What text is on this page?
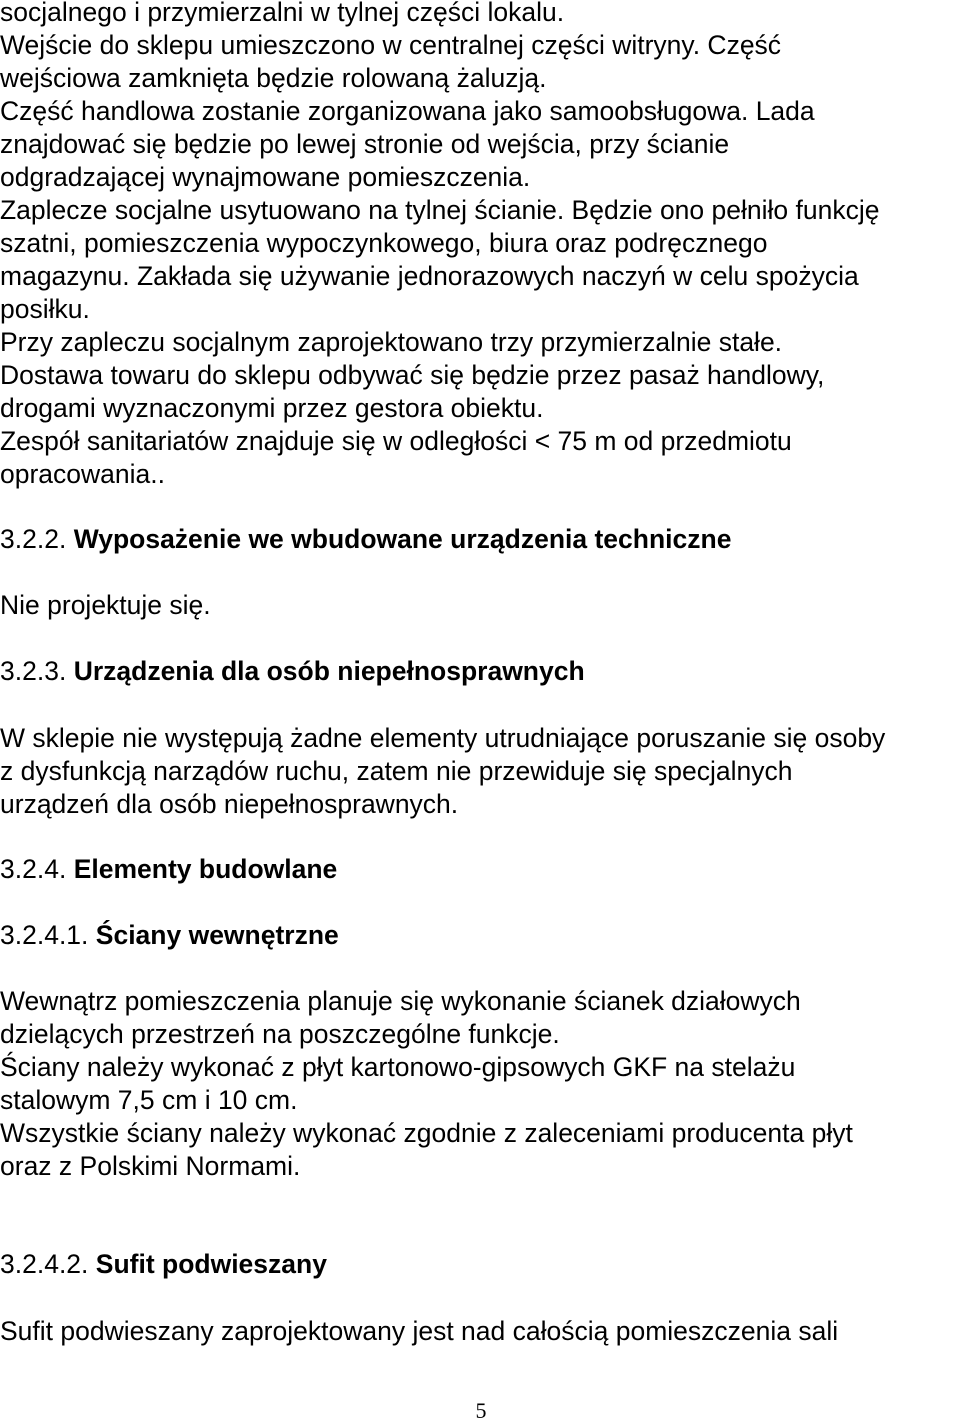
socjalnego i przymierzalni w tylnej części lokalu.

Wejście do sklepu umieszczono w centralnej części witryny. Część

wejściowa zamknięta będzie rolowaną żaluzją.

Część handlowa zostanie zorganizowana jako samoobsługowa. Lada

znajdować się będzie po lewej stronie od wejścia, przy ścianie

odgradzającej wynajmowane pomieszczenia.

Zaplecze socjalne usytuowano na tylnej ścianie. Będzie ono pełniło funkcję

szatni, pomieszczenia wypoczynkowego, biura oraz podręcznego

magazynu. Zakłada się używanie jednorazowych naczyń w celu spożycia

posiłku.

Przy zapleczu socjalnym zaprojektowano trzy przymierzalnie stałe.

Dostawa towaru do sklepu odbywać się będzie przez pasaż handlowy,

drogami wyznaczonymi przez gestora obiektu.

Zespół sanitariatów znajduje się w odległości < 75 m od przedmiotu

opracowania..

3.2.2. Wyposażenie we wbudowane urządzenia techniczne

Nie projektuje się.

3.2.3. Urządzenia dla osób niepełnosprawnych

W sklepie nie występują żadne elementy utrudniające poruszanie się osoby

z dysfunkcją narządów ruchu, zatem nie przewiduje się specjalnych

urządzeń dla osób niepełnosprawnych.

3.2.4. Elementy budowlane

3.2.4.1. Ściany wewnętrzne

Wewnątrz pomieszczenia planuje się wykonanie ścianek działowych

dzielących przestrzeń na poszczególne funkcje.

Ściany należy wykonać z płyt kartonowo-gipsowych GKF na stelażu

stalowym 7,5 cm i 10 cm.

Wszystkie ściany należy wykonać zgodnie z zaleceniami producenta płyt

oraz z Polskimi Normami.

3.2.4.2. Sufit podwieszany

Sufit podwieszany zaprojektowany jest nad całością pomieszczenia sali

5
